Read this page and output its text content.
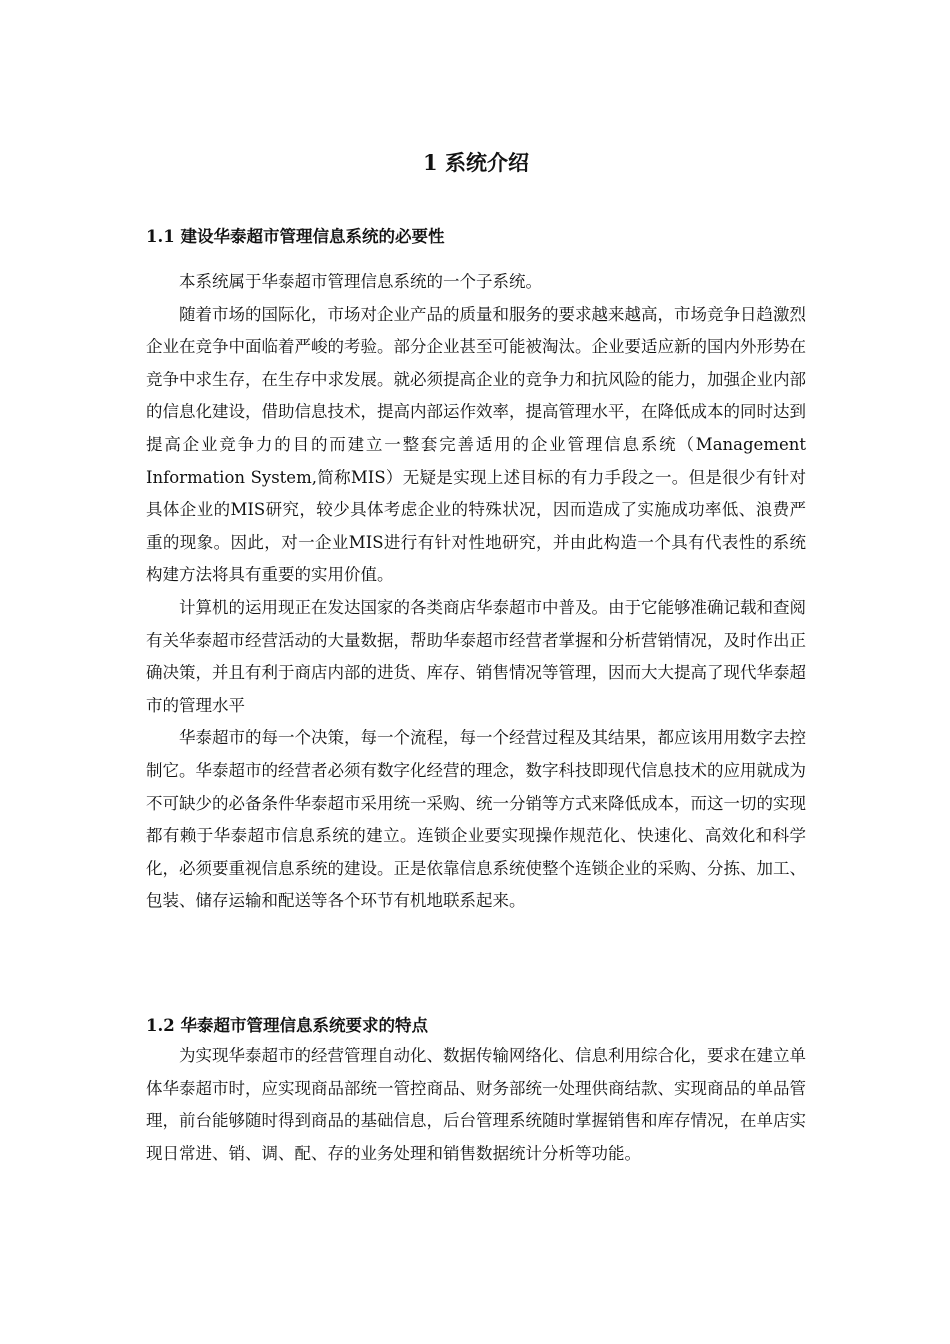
1 系统介绍
1.1 建设华泰超市管理信息系统的必要性

本系统属于华泰超市管理信息系统的一个子系统。

随着市场的国际化，市场对企业产品的质量和服务的要求越来越高，市场竞争日趋激烈企业在竞争中面临着严峻的考验。部分企业甚至可能被淘汰。企业要适应新的国内外形势在竞争中求生存，在生存中求发展。就必须提高企业的竞争力和抗风险的能力，加强企业内部的信息化建设，借助信息技术，提高内部运作效率，提高管理水平，在降低成本的同时达到提高企业竞争力的目的而建立一整套完善适用的企业管理信息系统（Management Information System,简称MIS）无疑是实现上述目标的有力手段之一。但是很少有针对具体企业的MIS研究，较少具体考虑企业的特殊状况，因而造成了实施成功率低、浪费严重的现象。因此，对一企业MIS进行有针对性地研究，并由此构造一个具有代表性的系统构建方法将具有重要的实用价值。

计算机的运用现正在发达国家的各类商店华泰超市中普及。由于它能够准确记载和查阅有关华泰超市经营活动的大量数据，帮助华泰超市经营者掌握和分析营销情况，及时作出正确决策，并且有利于商店内部的进货、库存、销售情况等管理，因而大大提高了现代华泰超市的管理水平

华泰超市的每一个决策，每一个流程，每一个经营过程及其结果，都应该用用数字去控制它。华泰超市的经营者必须有数字化经营的理念，数字科技即现代信息技术的应用就成为不可缺少的必备条件华泰超市采用统一采购、统一分销等方式来降低成本，而这一切的实现都有赖于华泰超市信息系统的建立。连锁企业要实现操作规范化、快速化、高效化和科学化，必须要重视信息系统的建设。正是依靠信息系统使整个连锁企业的采购、分拣、加工、包装、储存运输和配送等各个环节有机地联系起来。

1.2 华泰超市管理信息系统要求的特点

为实现华泰超市的经营管理自动化、数据传输网络化、信息利用综合化，要求在建立单体华泰超市时，应实现商品部统一管控商品、财务部统一处理供商结款、实现商品的单品管理，前台能够随时得到商品的基础信息，后台管理系统随时掌握销售和库存情况，在单店实现日常进、销、调、配、存的业务处理和销售数据统计分析等功能。
